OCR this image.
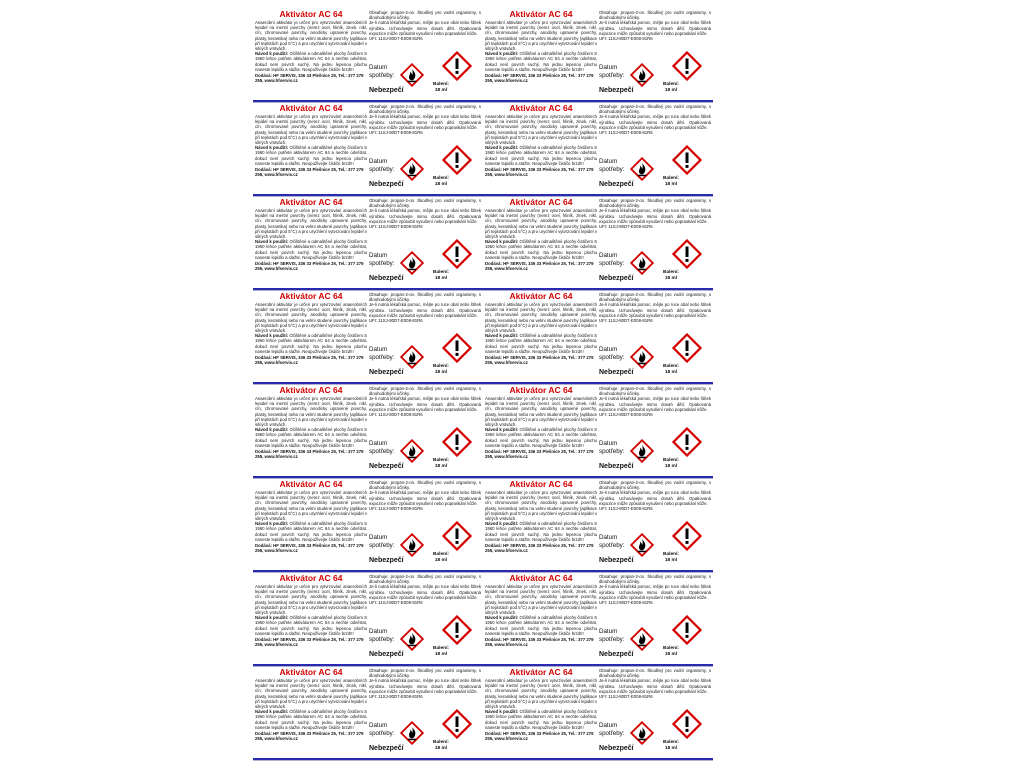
Aktivátor AC 64

Anaerobní aktivátor je určen pro vytvrzování anaerobních lepidel na inertní povrchy (nerez ocel, hliník, zinek, nikl, cín, chromované povrchy, anodicky upravené povrchy, plasty, keramika) nebo na velmi studené povrchy (aplikace při teplotách pod 5°C) a pro urychlení vytvrzování lepidel v silných vrstvách.

Návod k použití: Očištěné a odmaštěné plochy čističem S 1960 lehce potřete aktivátorem AC 64 a nechte odvětrat, dokud není povrch suchý. Na jednu lepenou plochu naneste lepidlo a slažte. Neopužívejte čističe brzd!!!

Dodává: HF SERVIS, 336 33 Plešnice 25, Tel.: 377 279 255, www.hfservis.cz

Obsahuje: propan-2-on. Škodlivý pro vodní organismy, s dlouhodobými účinky.

Je-li nutná lékařská pomoc, mějte po ruce obal nebo štítek výrobku. Uchovávejte mimo dosah dětí. Opakovaná expozice může způsobit vysušení nebo popraskání kůže.

UFI: 11SJ-80D7-E008-81R6

Datum spotřeby:
Nebezpečí
Balení:
18 ml
Aktivátor AC 64

Anaerobní aktivátor je určen pro vytvrzování anaerobních lepidel na inertní povrchy (nerez ocel, hliník, zinek, nikl, cín, chromované povrchy, anodicky upravené povrchy, plasty, keramika) nebo na velmi studené povrchy (aplikace při teplotách pod 5°C) a pro urychlení vytvrzování lepidel v silných vrstvách.

Návod k použití: Očištěné a odmaštěné plochy čističem S 1960 lehce potřete aktivátorem AC 64 a nechte odvětrat, dokud není povrch suchý. Na jednu lepenou plochu naneste lepidlo a slažte. Neopužívejte čističe brzd!!!

Dodává: HF SERVIS, 336 33 Plešnice 25, Tel.: 377 279 255, www.hfservis.cz

Obsahuje: propan-2-on. Škodlivý pro vodní organismy, s dlouhodobými účinky.

Je-li nutná lékařská pomoc, mějte po ruce obal nebo štítek výrobku. Uchovávejte mimo dosah dětí. Opakovaná expozice může způsobit vysušení nebo popraskání kůže.

UFI: 11SJ-80D7-E008-81R6

Datum spotřeby:
Nebezpečí
Balení:
18 ml
Aktivátor AC 64

Anaerobní aktivátor je určen pro vytvrzování anaerobních lepidel na inertní povrchy (nerez ocel, hliník, zinek, nikl, cín, chromované povrchy, anodicky upravené povrchy, plasty, keramika) nebo na velmi studené povrchy (aplikace při teplotách pod 5°C) a pro urychlení vytvrzování lepidel v silných vrstvách.

Návod k použití: Očištěné a odmaštěné plochy čističem S 1960 lehce potřete aktivátorem AC 64 a nechte odvětrat, dokud není povrch suchý. Na jednu lepenou plochu naneste lepidlo a slažte. Neopužívejte čističe brzd!!!

Dodává: HF SERVIS, 336 33 Plešnice 25, Tel.: 377 279 255, www.hfservis.cz

Obsahuje: propan-2-on. Škodlivý pro vodní organismy, s dlouhodobými účinky.

Je-li nutná lékařská pomoc, mějte po ruce obal nebo štítek výrobku. Uchovávejte mimo dosah dětí. Opakovaná expozice může způsobit vysušení nebo popraskání kůže.

UFI: 11SJ-80D7-E008-81R6

Datum spotřeby:
Nebezpečí
Balení:
18 ml
Aktivátor AC 64

Anaerobní aktivátor je určen pro vytvrzování anaerobních lepidel na inertní povrchy (nerez ocel, hliník, zinek, nikl, cín, chromované povrchy, anodicky upravené povrchy, plasty, keramika) nebo na velmi studené povrchy (aplikace při teplotách pod 5°C) a pro urychlení vytvrzování lepidel v silných vrstvách.

Návod k použití: Očištěné a odmaštěné plochy čističem S 1960 lehce potřete aktivátorem AC 64 a nechte odvětrat, dokud není povrch suchý. Na jednu lepenou plochu naneste lepidlo a slažte. Neopužívejte čističe brzd!!!

Dodává: HF SERVIS, 336 33 Plešnice 25, Tel.: 377 279 255, www.hfservis.cz

Obsahuje: propan-2-on. Škodlivý pro vodní organismy, s dlouhodobými účinky.

Je-li nutná lékařská pomoc, mějte po ruce obal nebo štítek výrobku. Uchovávejte mimo dosah dětí. Opakovaná expozice může způsobit vysušení nebo popraskání kůže.

UFI: 11SJ-80D7-E008-81R6

Datum spotřeby:
Nebezpečí
Balení:
18 ml
Aktivátor AC 64

Anaerobní aktivátor je určen pro vytvrzování anaerobních lepidel na inertní povrchy (nerez ocel, hliník, zinek, nikl, cín, chromované povrchy, anodicky upravené povrchy, plasty, keramika) nebo na velmi studené povrchy (aplikace při teplotách pod 5°C) a pro urychlení vytvrzování lepidel v silných vrstvách.

Návod k použití: Očištěné a odmaštěné plochy čističem S 1960 lehce potřete aktivátorem AC 64 a nechte odvětrat, dokud není povrch suchý. Na jednu lepenou plochu naneste lepidlo a slažte. Neopužívejte čističe brzd!!!

Dodává: HF SERVIS, 336 33 Plešnice 25, Tel.: 377 279 255, www.hfservis.cz

Obsahuje: propan-2-on. Škodlivý pro vodní organismy, s dlouhodobými účinky.

Je-li nutná lékařská pomoc, mějte po ruce obal nebo štítek výrobku. Uchovávejte mimo dosah dětí. Opakovaná expozice může způsobit vysušení nebo popraskání kůže.

UFI: 11SJ-80D7-E008-81R6

Datum spotřeby:
Nebezpečí
Balení:
18 ml
Aktivátor AC 64

Anaerobní aktivátor je určen pro vytvrzování anaerobních lepidel na inertní povrchy (nerez ocel, hliník, zinek, nikl, cín, chromované povrchy, anodicky upravené povrchy, plasty, keramika) nebo na velmi studené povrchy (aplikace při teplotách pod 5°C) a pro urychlení vytvrzování lepidel v silných vrstvách.

Návod k použití: Očištěné a odmaštěné plochy čističem S 1960 lehce potřete aktivátorem AC 64 a nechte odvětrat, dokud není povrch suchý. Na jednu lepenou plochu naneste lepidlo a slažte. Neopužívejte čističe brzd!!!

Dodává: HF SERVIS, 336 33 Plešnice 25, Tel.: 377 279 255, www.hfservis.cz

Obsahuje: propan-2-on. Škodlivý pro vodní organismy, s dlouhodobými účinky.

Je-li nutná lékařská pomoc, mějte po ruce obal nebo štítek výrobku. Uchovávejte mimo dosah dětí. Opakovaná expozice může způsobit vysušení nebo popraskání kůže.

UFI: 11SJ-80D7-E008-81R6

Datum spotřeby:
Nebezpečí
Balení:
18 ml
Aktivátor AC 64

Anaerobní aktivátor je určen pro vytvrzování anaerobních lepidel na inertní povrchy (nerez ocel, hliník, zinek, nikl, cín, chromované povrchy, anodicky upravené povrchy, plasty, keramika) nebo na velmi studené povrchy (aplikace při teplotách pod 5°C) a pro urychlení vytvrzování lepidel v silných vrstvách.

Návod k použití: Očištěné a odmaštěné plochy čističem S 1960 lehce potřete aktivátorem AC 64 a nechte odvětrat, dokud není povrch suchý. Na jednu lepenou plochu naneste lepidlo a slažte. Neopužívejte čističe brzd!!!

Dodává: HF SERVIS, 336 33 Plešnice 25, Tel.: 377 279 255, www.hfservis.cz

Obsahuje: propan-2-on. Škodlivý pro vodní organismy, s dlouhodobými účinky.

Je-li nutná lékařská pomoc, mějte po ruce obal nebo štítek výrobku. Uchovávejte mimo dosah dětí. Opakovaná expozice může způsobit vysušení nebo popraskání kůže.

UFI: 11SJ-80D7-E008-81R6

Datum spotřeby:
Nebezpečí
Balení:
18 ml
Aktivátor AC 64

Anaerobní aktivátor je určen pro vytvrzování anaerobních lepidel na inertní povrchy (nerez ocel, hliník, zinek, nikl, cín, chromované povrchy, anodicky upravené povrchy, plasty, keramika) nebo na velmi studené povrchy (aplikace při teplotách pod 5°C) a pro urychlení vytvrzování lepidel v silných vrstvách.

Návod k použití: Očištěné a odmaštěné plochy čističem S 1960 lehce potřete aktivátorem AC 64 a nechte odvětrat, dokud není povrch suchý. Na jednu lepenou plochu naneste lepidlo a slažte. Neopužívejte čističe brzd!!!

Dodává: HF SERVIS, 336 33 Plešnice 25, Tel.: 377 279 255, www.hfservis.cz

Obsahuje: propan-2-on. Škodlivý pro vodní organismy, s dlouhodobými účinky.

Je-li nutná lékařská pomoc, mějte po ruce obal nebo štítek výrobku. Uchovávejte mimo dosah dětí. Opakovaná expozice může způsobit vysušení nebo popraskání kůže.

UFI: 11SJ-80D7-E008-81R6

Datum spotřeby:
Nebezpečí
Balení:
18 ml
Aktivátor AC 64

Anaerobní aktivátor je určen pro vytvrzování anaerobních lepidel na inertní povrchy (nerez ocel, hliník, zinek, nikl, cín, chromované povrchy, anodicky upravené povrchy, plasty, keramika) nebo na velmi studené povrchy (aplikace při teplotách pod 5°C) a pro urychlení vytvrzování lepidel v silných vrstvách.

Návod k použití: Očištěné a odmaštěné plochy čističem S 1960 lehce potřete aktivátorem AC 64 a nechte odvětrat, dokud není povrch suchý. Na jednu lepenou plochu naneste lepidlo a slažte. Neopužívejte čističe brzd!!!

Dodává: HF SERVIS, 336 33 Plešnice 25, Tel.: 377 279 255, www.hfservis.cz

Obsahuje: propan-2-on. Škodlivý pro vodní organismy, s dlouhodobými účinky.

Je-li nutná lékařská pomoc, mějte po ruce obal nebo štítek výrobku. Uchovávejte mimo dosah dětí. Opakovaná expozice může způsobit vysušení nebo popraskání kůže.

UFI: 11SJ-80D7-E008-81R6

Datum spotřeby:
Nebezpečí
Balení:
18 ml
Aktivátor AC 64

Anaerobní aktivátor je určen pro vytvrzování anaerobních lepidel na inertní povrchy (nerez ocel, hliník, zinek, nikl, cín, chromované povrchy, anodicky upravené povrchy, plasty, keramika) nebo na velmi studené povrchy (aplikace při teplotách pod 5°C) a pro urychlení vytvrzování lepidel v silných vrstvách.

Návod k použití: Očištěné a odmaštěné plochy čističem S 1960 lehce potřete aktivátorem AC 64 a nechte odvětrat, dokud není povrch suchý. Na jednu lepenou plochu naneste lepidlo a slažte. Neopužívejte čističe brzd!!!

Dodává: HF SERVIS, 336 33 Plešnice 25, Tel.: 377 279 255, www.hfservis.cz

Obsahuje: propan-2-on. Škodlivý pro vodní organismy, s dlouhodobými účinky.

Je-li nutná lékařská pomoc, mějte po ruce obal nebo štítek výrobku. Uchovávejte mimo dosah dětí. Opakovaná expozice může způsobit vysušení nebo popraskání kůže.

UFI: 11SJ-80D7-E008-81R6

Datum spotřeby:
Nebezpečí
Balení:
18 ml
Aktivátor AC 64

Anaerobní aktivátor je určen pro vytvrzování anaerobních lepidel na inertní povrchy (nerez ocel, hliník, zinek, nikl, cín, chromované povrchy, anodicky upravené povrchy, plasty, keramika) nebo na velmi studené povrchy (aplikace při teplotách pod 5°C) a pro urychlení vytvrzování lepidel v silných vrstvách.

Návod k použití: Očištěné a odmaštěné plochy čističem S 1960 lehce potřete aktivátorem AC 64 a nechte odvětrat, dokud není povrch suchý. Na jednu lepenou plochu naneste lepidlo a slažte. Neopužívejte čističe brzd!!!

Dodává: HF SERVIS, 336 33 Plešnice 25, Tel.: 377 279 255, www.hfservis.cz

Obsahuje: propan-2-on. Škodlivý pro vodní organismy, s dlouhodobými účinky.

Je-li nutná lékařská pomoc, mějte po ruce obal nebo štítek výrobku. Uchovávejte mimo dosah dětí. Opakovaná expozice může způsobit vysušení nebo popraskání kůže.

UFI: 11SJ-80D7-E008-81R6

Datum spotřeby:
Nebezpečí
Balení:
18 ml
Aktivátor AC 64

Anaerobní aktivátor je určen pro vytvrzování anaerobních lepidel na inertní povrchy (nerez ocel, hliník, zinek, nikl, cín, chromované povrchy, anodicky upravené povrchy, plasty, keramika) nebo na velmi studené povrchy (aplikace při teplotách pod 5°C) a pro urychlení vytvrzování lepidel v silných vrstvách.

Návod k použití: Očištěné a odmaštěné plochy čističem S 1960 lehce potřete aktivátorem AC 64 a nechte odvětrat, dokud není povrch suchý. Na jednu lepenou plochu naneste lepidlo a slažte. Neopužívejte čističe brzd!!!

Dodává: HF SERVIS, 336 33 Plešnice 25, Tel.: 377 279 255, www.hfservis.cz

Obsahuje: propan-2-on. Škodlivý pro vodní organismy, s dlouhodobými účinky.

Je-li nutná lékařská pomoc, mějte po ruce obal nebo štítek výrobku. Uchovávejte mimo dosah dětí. Opakovaná expozice může způsobit vysušení nebo popraskání kůže.

UFI: 11SJ-80D7-E008-81R6

Datum spotřeby:
Nebezpečí
Balení:
18 ml
Aktivátor AC 64

Anaerobní aktivátor je určen pro vytvrzování anaerobních lepidel na inertní povrchy (nerez ocel, hliník, zinek, nikl, cín, chromované povrchy, anodicky upravené povrchy, plasty, keramika) nebo na velmi studené povrchy (aplikace při teplotách pod 5°C) a pro urychlení vytvrzování lepidel v silných vrstvách.

Návod k použití: Očištěné a odmaštěné plochy čističem S 1960 lehce potřete aktivátorem AC 64 a nechte odvětrat, dokud není povrch suchý. Na jednu lepenou plochu naneste lepidlo a slažte. Neopužívejte čističe brzd!!!

Dodává: HF SERVIS, 336 33 Plešnice 25, Tel.: 377 279 255, www.hfservis.cz

Obsahuje: propan-2-on. Škodlivý pro vodní organismy, s dlouhodobými účinky.

Je-li nutná lékařská pomoc, mějte po ruce obal nebo štítek výrobku. Uchovávejte mimo dosah dětí. Opakovaná expozice může způsobit vysušení nebo popraskání kůže.

UFI: 11SJ-80D7-E008-81R6

Datum spotřeby:
Nebezpečí
Balení:
18 ml
Aktivátor AC 64

Anaerobní aktivátor je určen pro vytvrzování anaerobních lepidel na inertní povrchy (nerez ocel, hliník, zinek, nikl, cín, chromované povrchy, anodicky upravené povrchy, plasty, keramika) nebo na velmi studené povrchy (aplikace při teplotách pod 5°C) a pro urychlení vytvrzování lepidel v silných vrstvách.

Návod k použití: Očištěné a odmaštěné plochy čističem S 1960 lehce potřete aktivátorem AC 64 a nechte odvětrat, dokud není povrch suchý. Na jednu lepenou plochu naneste lepidlo a slažte. Neopužívejte čističe brzd!!!

Dodává: HF SERVIS, 336 33 Plešnice 25, Tel.: 377 279 255, www.hfservis.cz

Obsahuje: propan-2-on. Škodlivý pro vodní organismy, s dlouhodobými účinky.

Je-li nutná lékařská pomoc, mějte po ruce obal nebo štítek výrobku. Uchovávejte mimo dosah dětí. Opakovaná expozice může způsobit vysušení nebo popraskání kůže.

UFI: 11SJ-80D7-E008-81R6

Datum spotřeby:
Nebezpečí
Balení:
18 ml
Aktivátor AC 64

Anaerobní aktivátor je určen pro vytvrzování anaerobních lepidel na inertní povrchy (nerez ocel, hliník, zinek, nikl, cín, chromované povrchy, anodicky upravené povrchy, plasty, keramika) nebo na velmi studené povrchy (aplikace při teplotách pod 5°C) a pro urychlení vytvrzování lepidel v silných vrstvách.

Návod k použití: Očištěné a odmaštěné plochy čističem S 1960 lehce potřete aktivátorem AC 64 a nechte odvětrat, dokud není povrch suchý. Na jednu lepenou plochu naneste lepidlo a slažte. Neopužívejte čističe brzd!!!

Dodává: HF SERVIS, 336 33 Plešnice 25, Tel.: 377 279 255, www.hfservis.cz

Obsahuje: propan-2-on. Škodlivý pro vodní organismy, s dlouhodobými účinky.

Je-li nutná lékařská pomoc, mějte po ruce obal nebo štítek výrobku. Uchovávejte mimo dosah dětí. Opakovaná expozice může způsobit vysušení nebo popraskání kůže.

UFI: 11SJ-80D7-E008-81R6

Datum spotřeby:
Nebezpečí
Balení:
18 ml
Aktivátor AC 64

Anaerobní aktivátor je určen pro vytvrzování anaerobních lepidel na inertní povrchy (nerez ocel, hliník, zinek, nikl, cín, chromované povrchy, anodicky upravené povrchy, plasty, keramika) nebo na velmi studené povrchy (aplikace při teplotách pod 5°C) a pro urychlení vytvrzování lepidel v silných vrstvách.

Návod k použití: Očištěné a odmaštěné plochy čističem S 1960 lehce potřete aktivátorem AC 64 a nechte odvětrat, dokud není povrch suchý. Na jednu lepenou plochu naneste lepidlo a slažte. Neopužívejte čističe brzd!!!

Dodává: HF SERVIS, 336 33 Plešnice 25, Tel.: 377 279 255, www.hfservis.cz

Obsahuje: propan-2-on. Škodlivý pro vodní organismy, s dlouhodobými účinky.

Je-li nutná lékařská pomoc, mějte po ruce obal nebo štítek výrobku. Uchovávejte mimo dosah dětí. Opakovaná expozice může způsobit vysušení nebo popraskání kůže.

UFI: 11SJ-80D7-E008-81R6

Datum spotřeby:
Nebezpečí
Balení:
18 ml
